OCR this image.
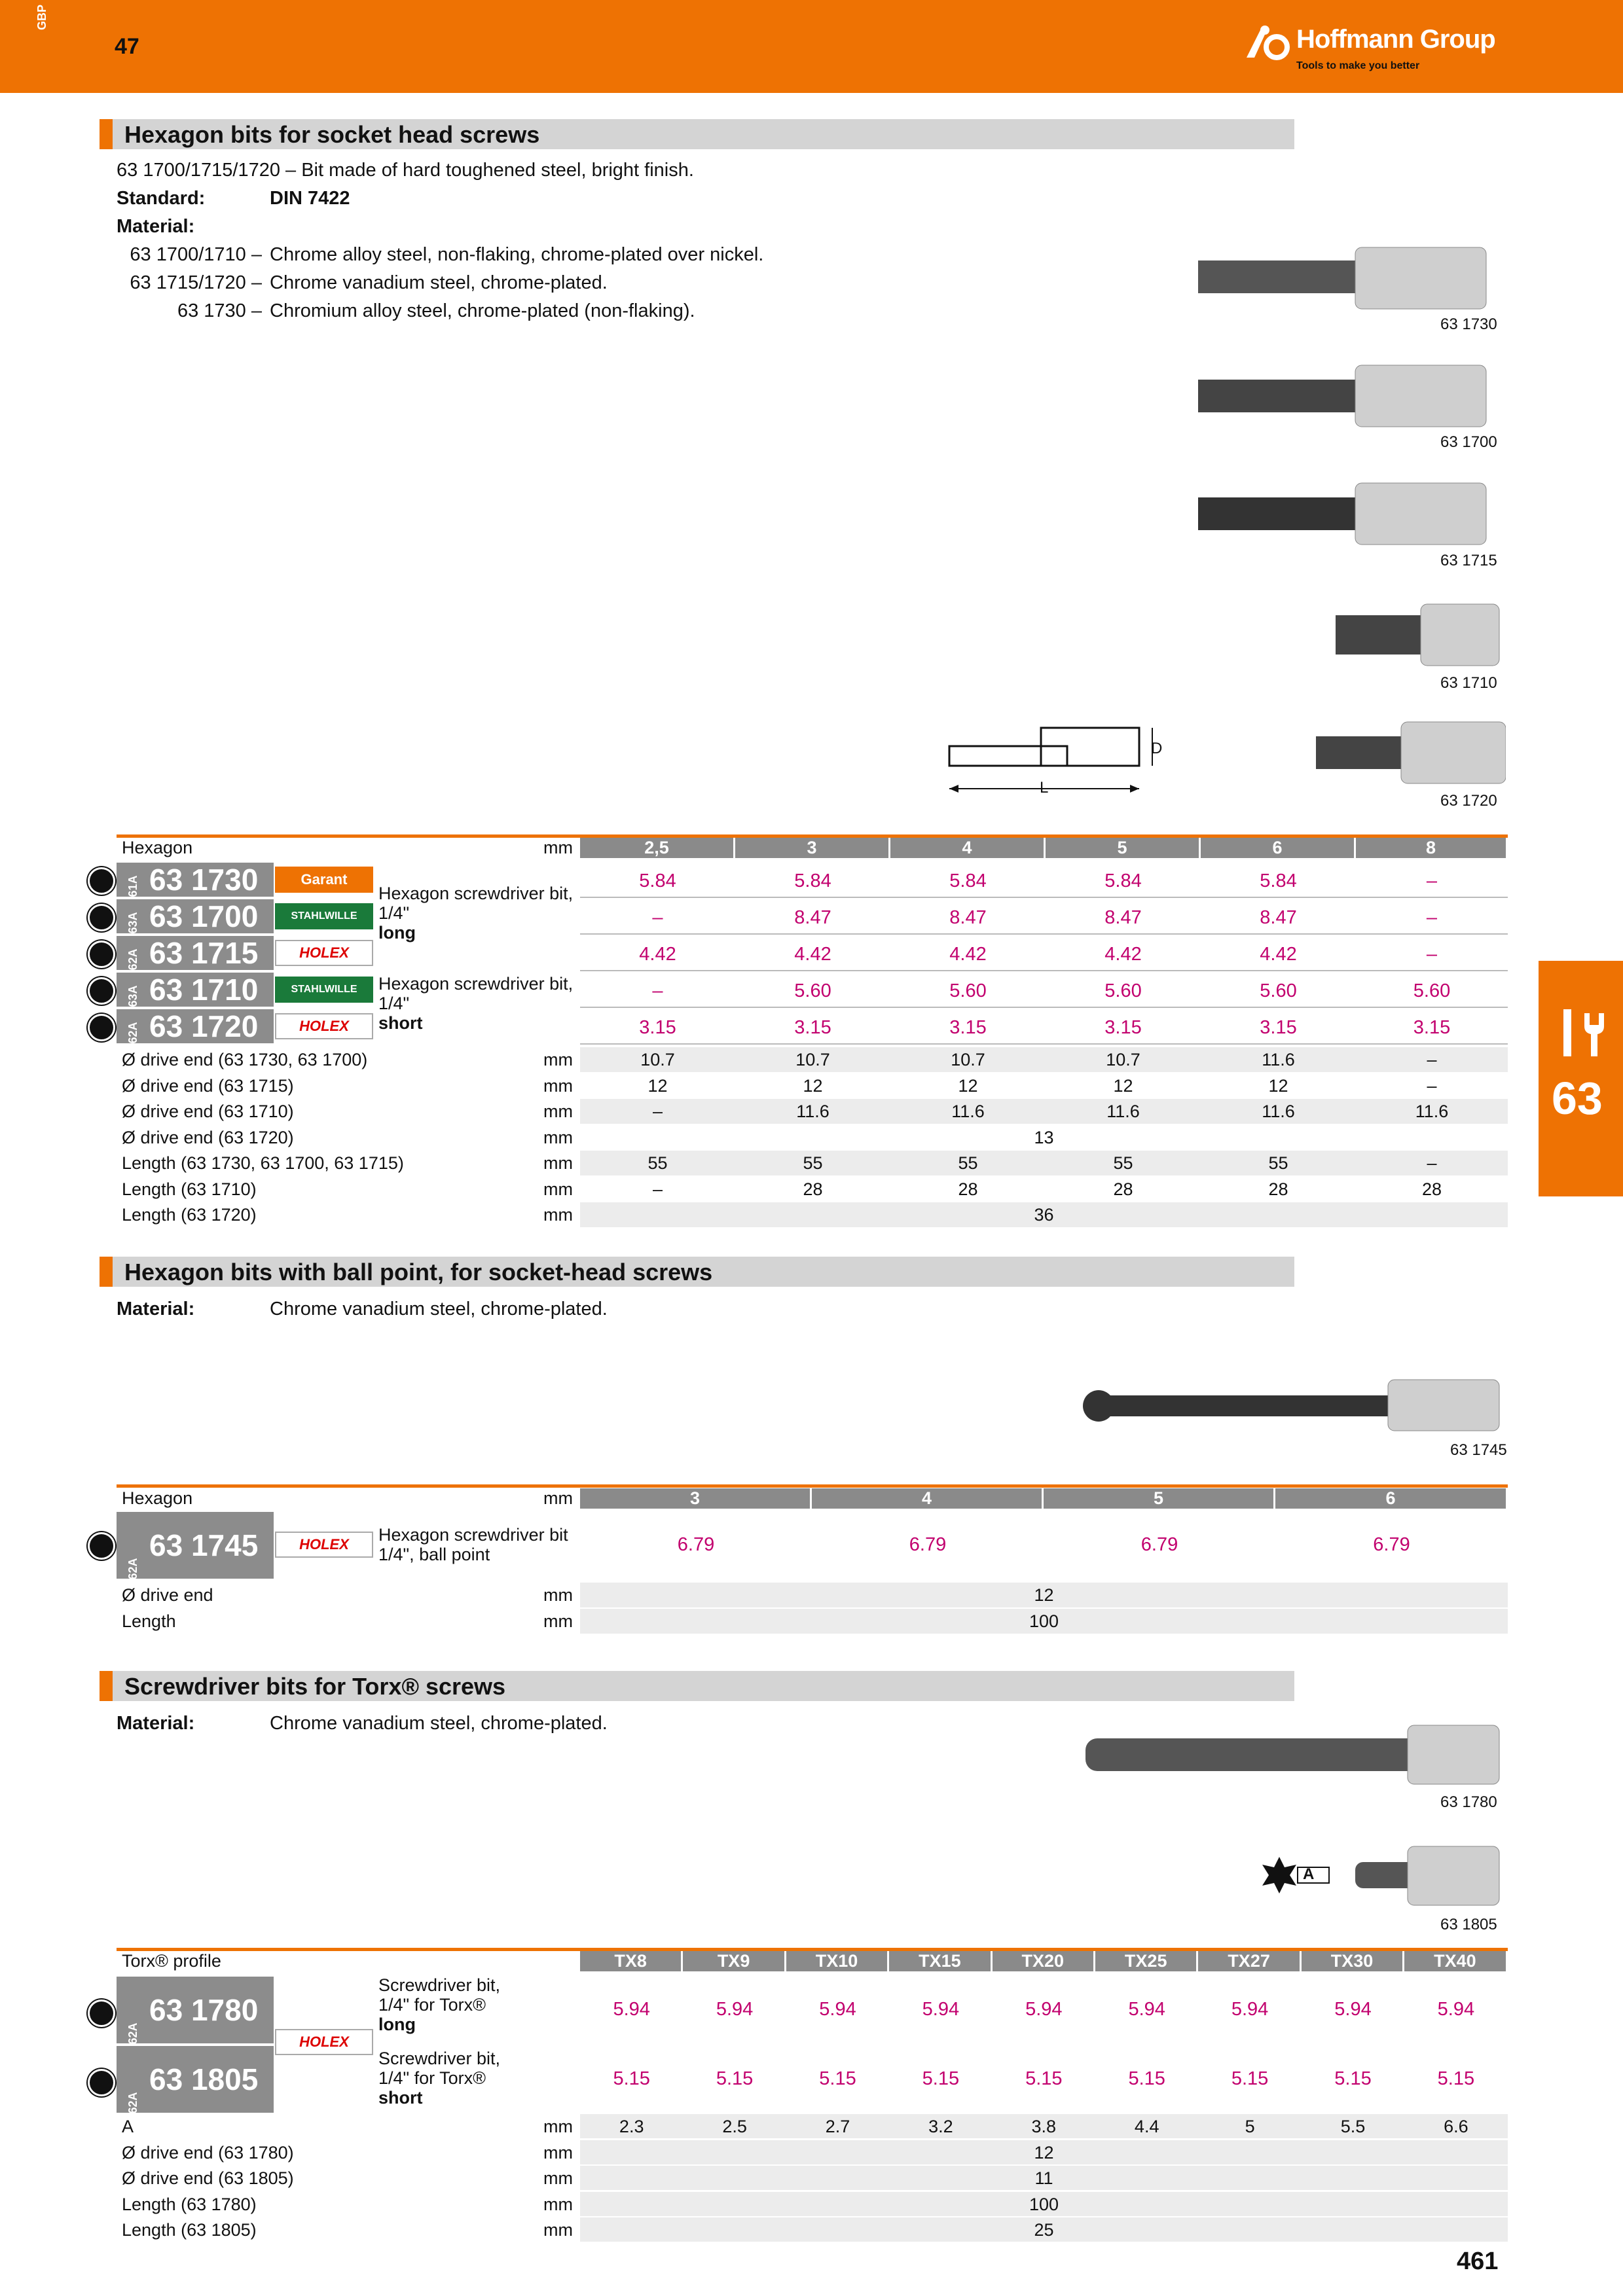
GBP
47	Hoffmann Group
Tools to make you better
63
Hexagon bits for socket head screws
63 1700/1715/1720 – Bit made of hard toughened steel, bright finish.
Standard:	DIN 7422
Material:
63 1700/1710 – Chrome alloy steel, non-flaking, chrome-plated over nickel.
63 1715/1720 – Chrome vanadium steel, chrome-plated.
63 1730 – Chromium alloy steel, chrome-plated (non-flaking).
63 1730
63 1700
63 1715
63 1710
63 1720
D
L
Hexagon	mm	2,5	3	4	5	6	8
61A 63 1730	Garant
63A 63 1700	STAHLWILLE
62A 63 1715	HOLEX
63A 63 1710	STAHLWILLE
62A 63 1720	HOLEX
Hexagon screwdriver bit,
1/4"
long
Hexagon screwdriver bit,
1/4"
short
5.84	5.84	5.84	5.84	5.84	–
–	8.47	8.47	8.47	8.47	–
4.42	4.42	4.42	4.42	4.42	–
–	5.60	5.60	5.60	5.60	5.60
3.15	3.15	3.15	3.15	3.15	3.15
Ø drive end (63 1730, 63 1700)	mm	10.7	10.7	10.7	10.7	11.6	–
Ø drive end (63 1715)	mm	12	12	12	12	12	–
Ø drive end (63 1710)	mm	–	11.6	11.6	11.6	11.6	11.6
Ø drive end (63 1720)	mm	13
Length (63 1730, 63 1700, 63 1715)	mm	55	55	55	55	55	–
Length (63 1710)	mm	–	28	28	28	28	28
Length (63 1720)	mm	36
Hexagon bits with ball point, for socket-head screws
Material:	Chrome vanadium steel, chrome-plated.
63 1745
Hexagon	mm	3	4	5	6
62A
63 1745	HOLEX	Hexagon screwdriver bit
1/4", ball point	6.79	6.79	6.79	6.79
Ø drive end	mm	12
Length	mm	100
Screwdriver bits for Torx® screws
Material:	Chrome vanadium steel, chrome-plated.
63 1780
A
63 1805
Torx® profile	TX8	TX9	TX10	TX15	TX20	TX25	TX27	TX30	TX40
62A
63 1780
62A
63 1805
HOLEX
Screwdriver bit,
1/4" for Torx®
long
Screwdriver bit,
1/4" for Torx®
short
5.94	5.94	5.94	5.94	5.94	5.94	5.94	5.94	5.94
5.15	5.15	5.15	5.15	5.15	5.15	5.15	5.15	5.15
A	mm	2.3	2.5	2.7	3.2	3.8	4.4	5	5.5	6.6
Ø drive end (63 1780)	mm	12
Ø drive end (63 1805)	mm	11
Length (63 1780)	mm	100
Length (63 1805)	mm	25
461
